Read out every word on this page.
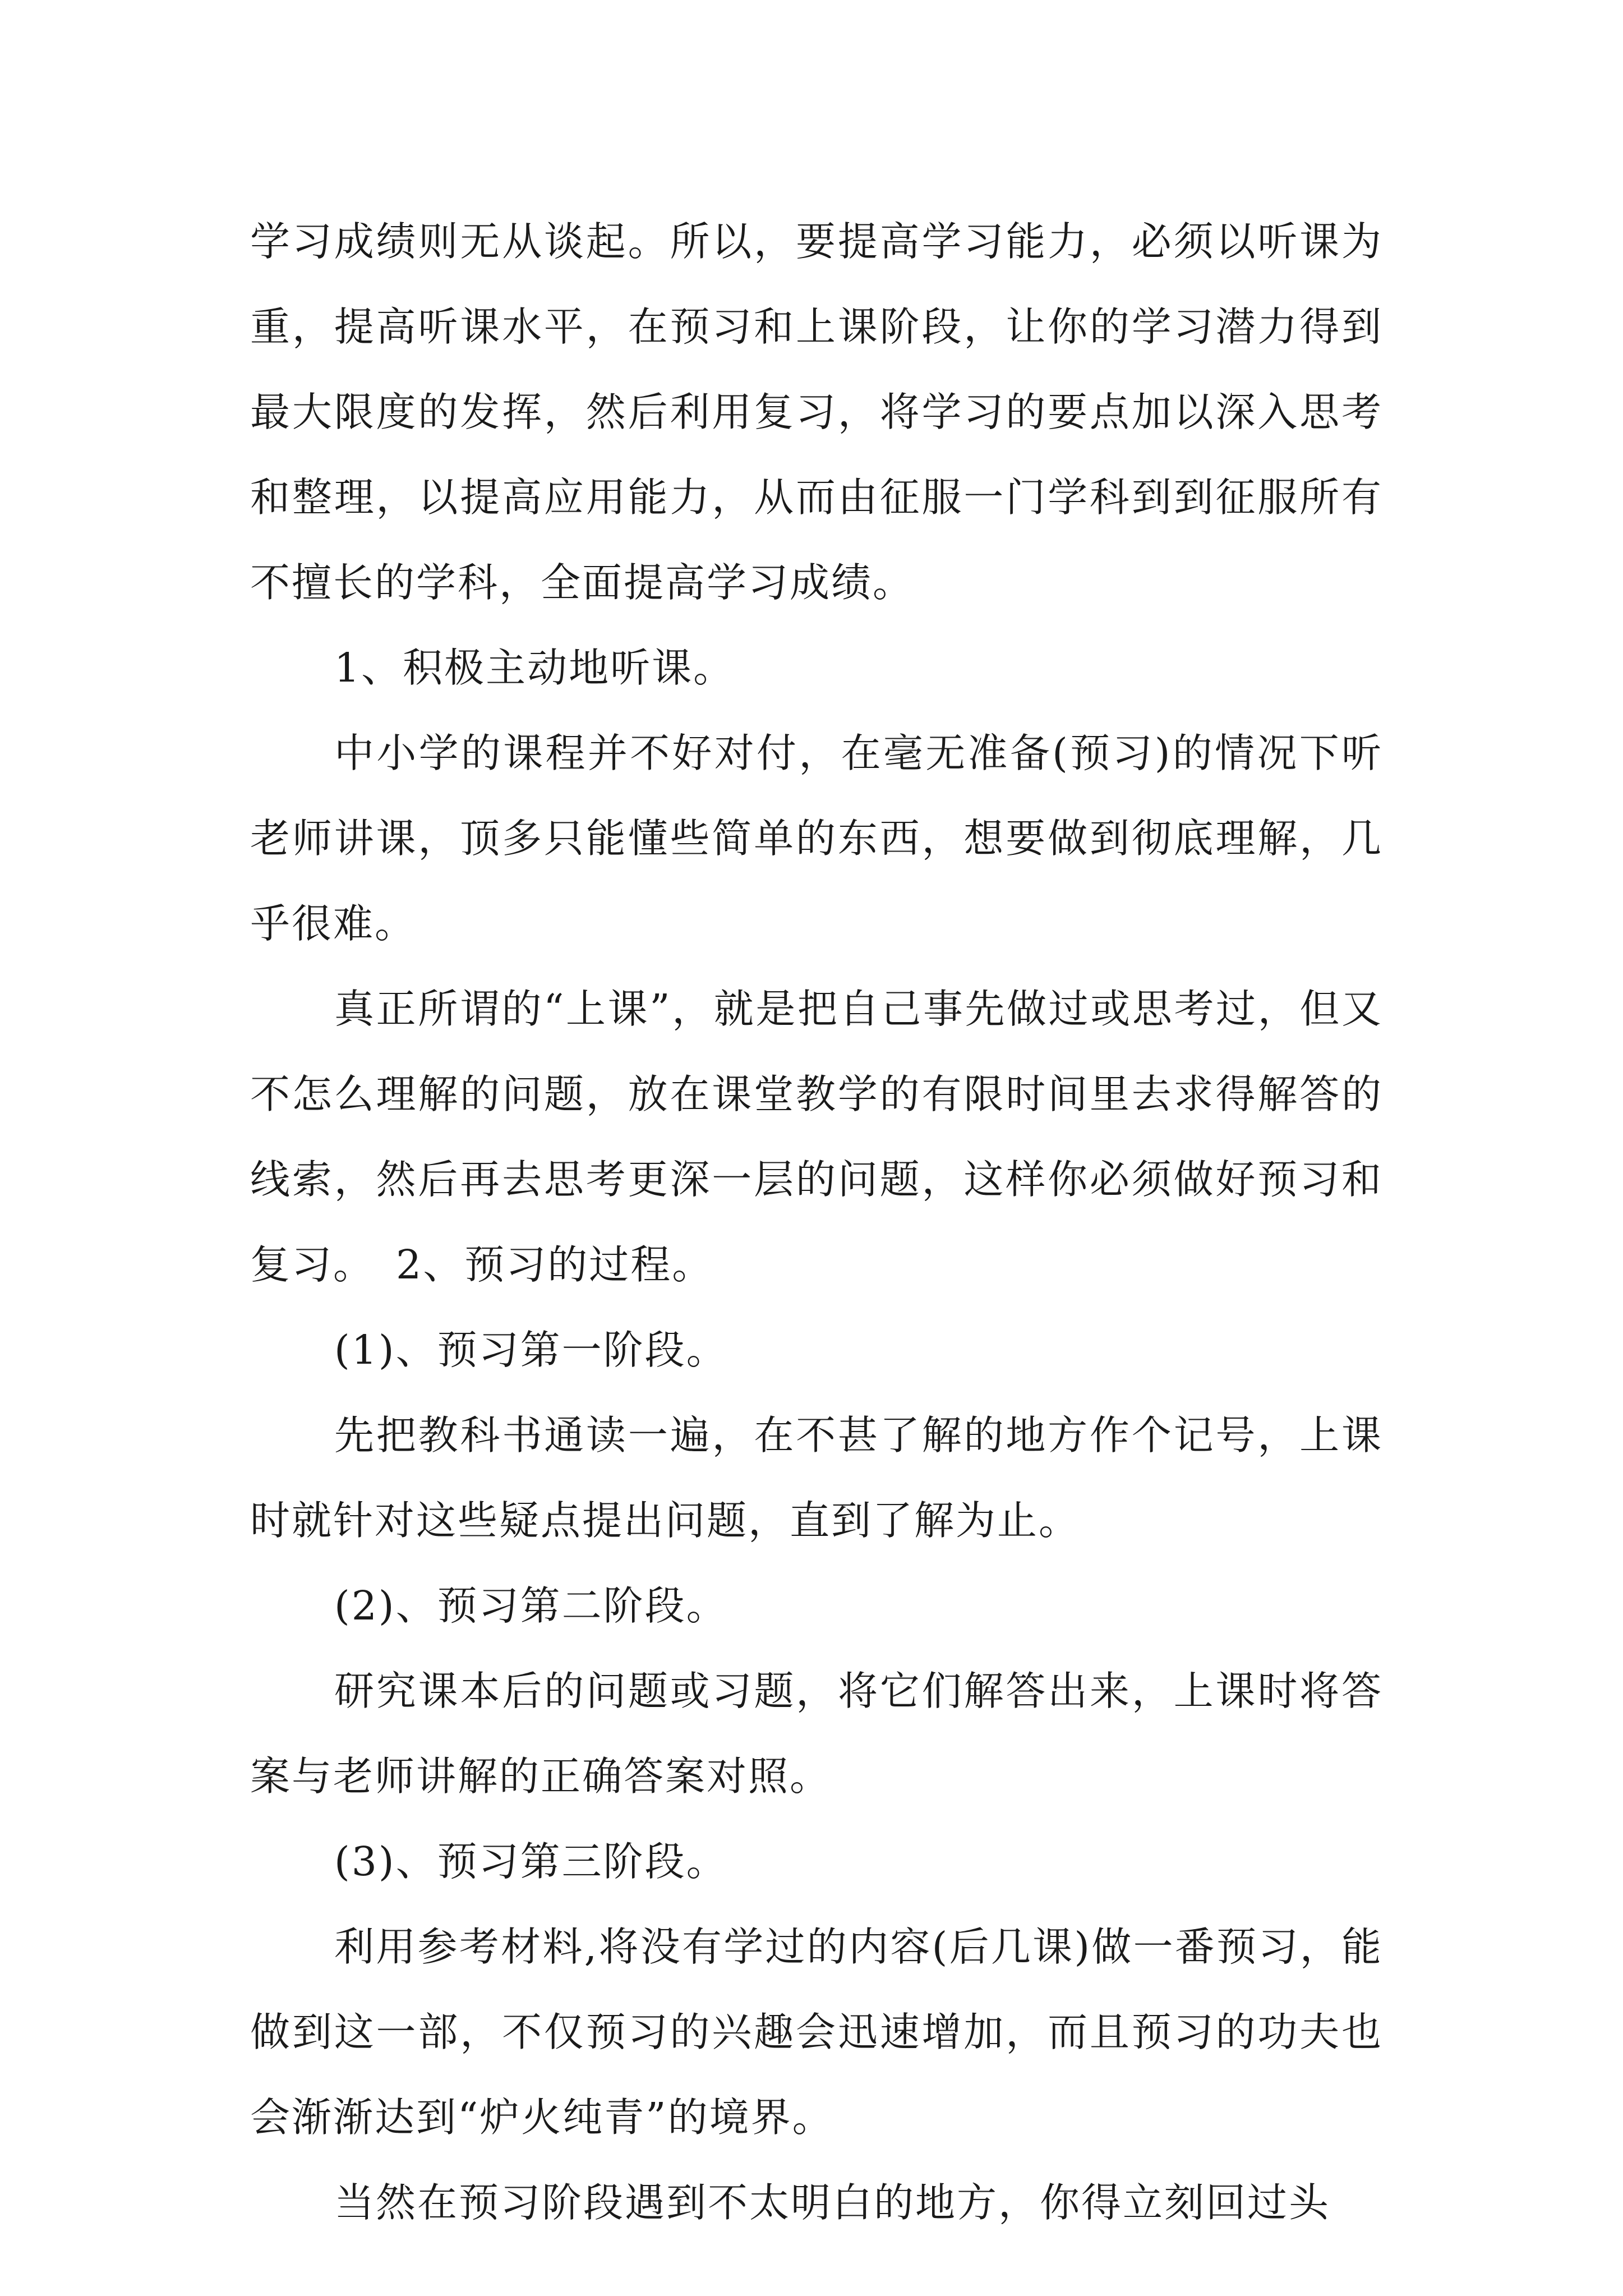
学习成绩则无从谈起。所以，要提高学习能力，必须以听课为重，提高听课水平，在预习和上课阶段，让你的学习潜力得到最大限度的发挥，然后利用复习，将学习的要点加以深入思考和整理，以提高应用能力，从而由征服一门学科到到征服所有不擅长的学科，全面提高学习成绩。

1、积极主动地听课。

中小学的课程并不好对付，在毫无准备(预习)的情况下听老师讲课，顶多只能懂些简单的东西，想要做到彻底理解，几乎很难。

真正所谓的“上课”，就是把自己事先做过或思考过，但又不怎么理解的问题，放在课堂教学的有限时间里去求得解答的线索，然后再去思考更深一层的问题，这样你必须做好预习和复习。 2、预习的过程。

(1)、预习第一阶段。

先把教科书通读一遍，在不甚了解的地方作个记号，上课时就针对这些疑点提出问题，直到了解为止。

(2)、预习第二阶段。

研究课本后的问题或习题，将它们解答出来，上课时将答案与老师讲解的正确答案对照。

(3)、预习第三阶段。

利用参考材料,将没有学过的内容(后几课)做一番预习，能做到这一部，不仅预习的兴趣会迅速增加，而且预习的功夫也会渐渐达到“炉火纯青”的境界。

当然在预习阶段遇到不太明白的地方，你得立刻回过头
